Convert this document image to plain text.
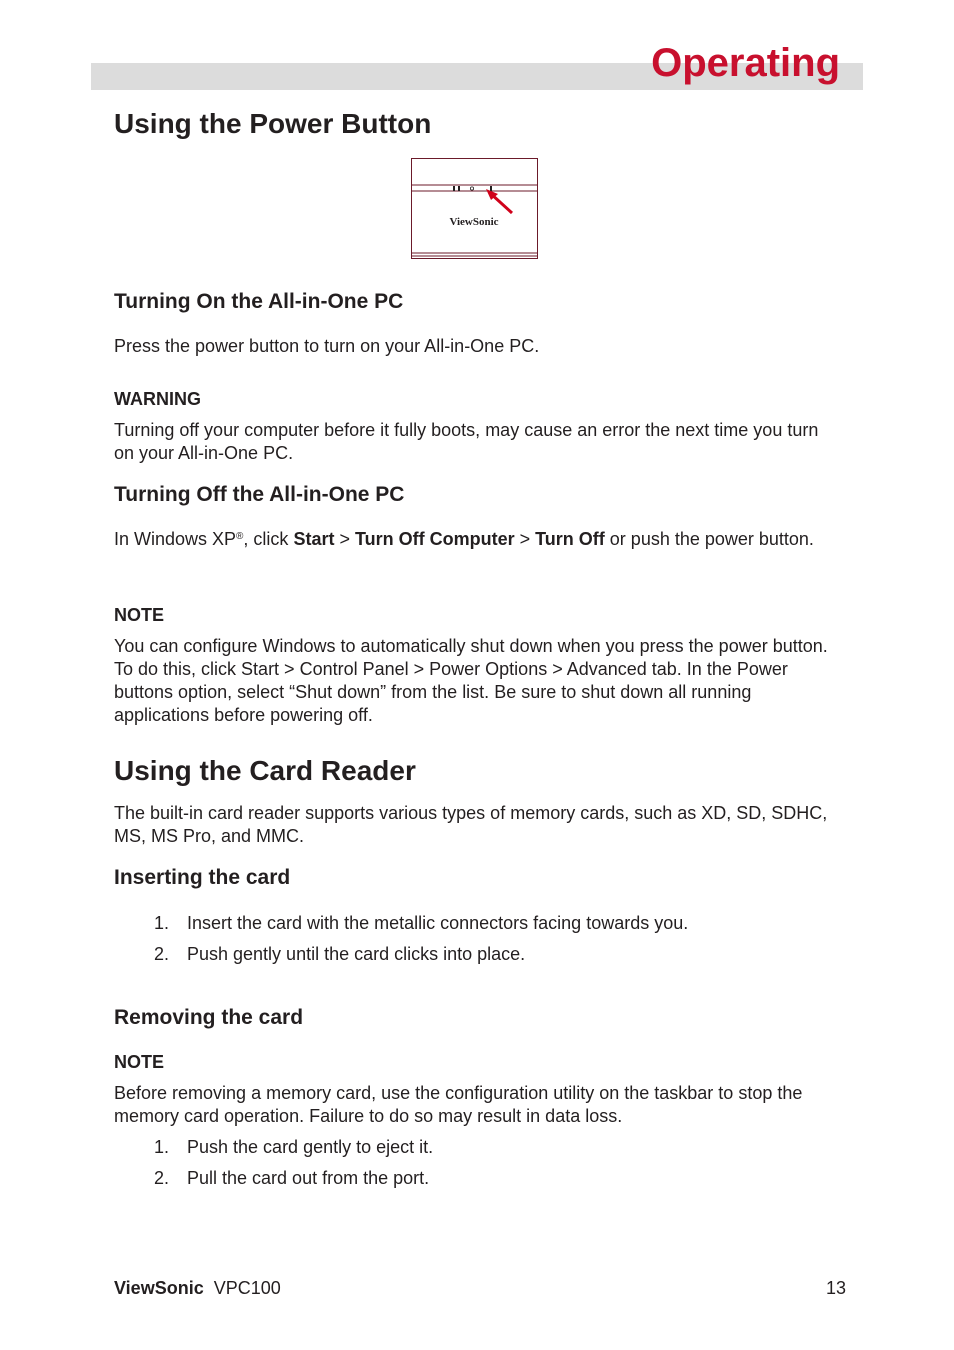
Operating
Using the Power Button
ViewSonic
Turning On the All-in-One PC
Press the power button to turn on your All-in-One PC.
WARNING
Turning off your computer before it fully boots, may cause an error the next time you turn on your All-in-One PC.
Turning Off the All-in-One PC
In Windows XP®, click Start > Turn Off Computer > Turn Off or push the power button.
NOTE
You can configure Windows to automatically shut down when you press the power button. To do this, click Start > Control Panel > Power Options > Advanced tab. In the Power buttons option, select “Shut down” from the list. Be sure to shut down all running applications before powering off.
Using the Card Reader
The built-in card reader supports various types of memory cards, such as XD, SD, SDHC, MS, MS Pro, and MMC.
Inserting the card
1. Insert the card with the metallic connectors facing towards you.
2. Push gently until the card clicks into place.
Removing the card
NOTE
Before removing a memory card, use the configuration utility on the taskbar to stop the memory card operation. Failure to do so may result in data loss.
1. Push the card gently to eject it.
2. Pull the card out from the port.
ViewSonic VPC100	13
